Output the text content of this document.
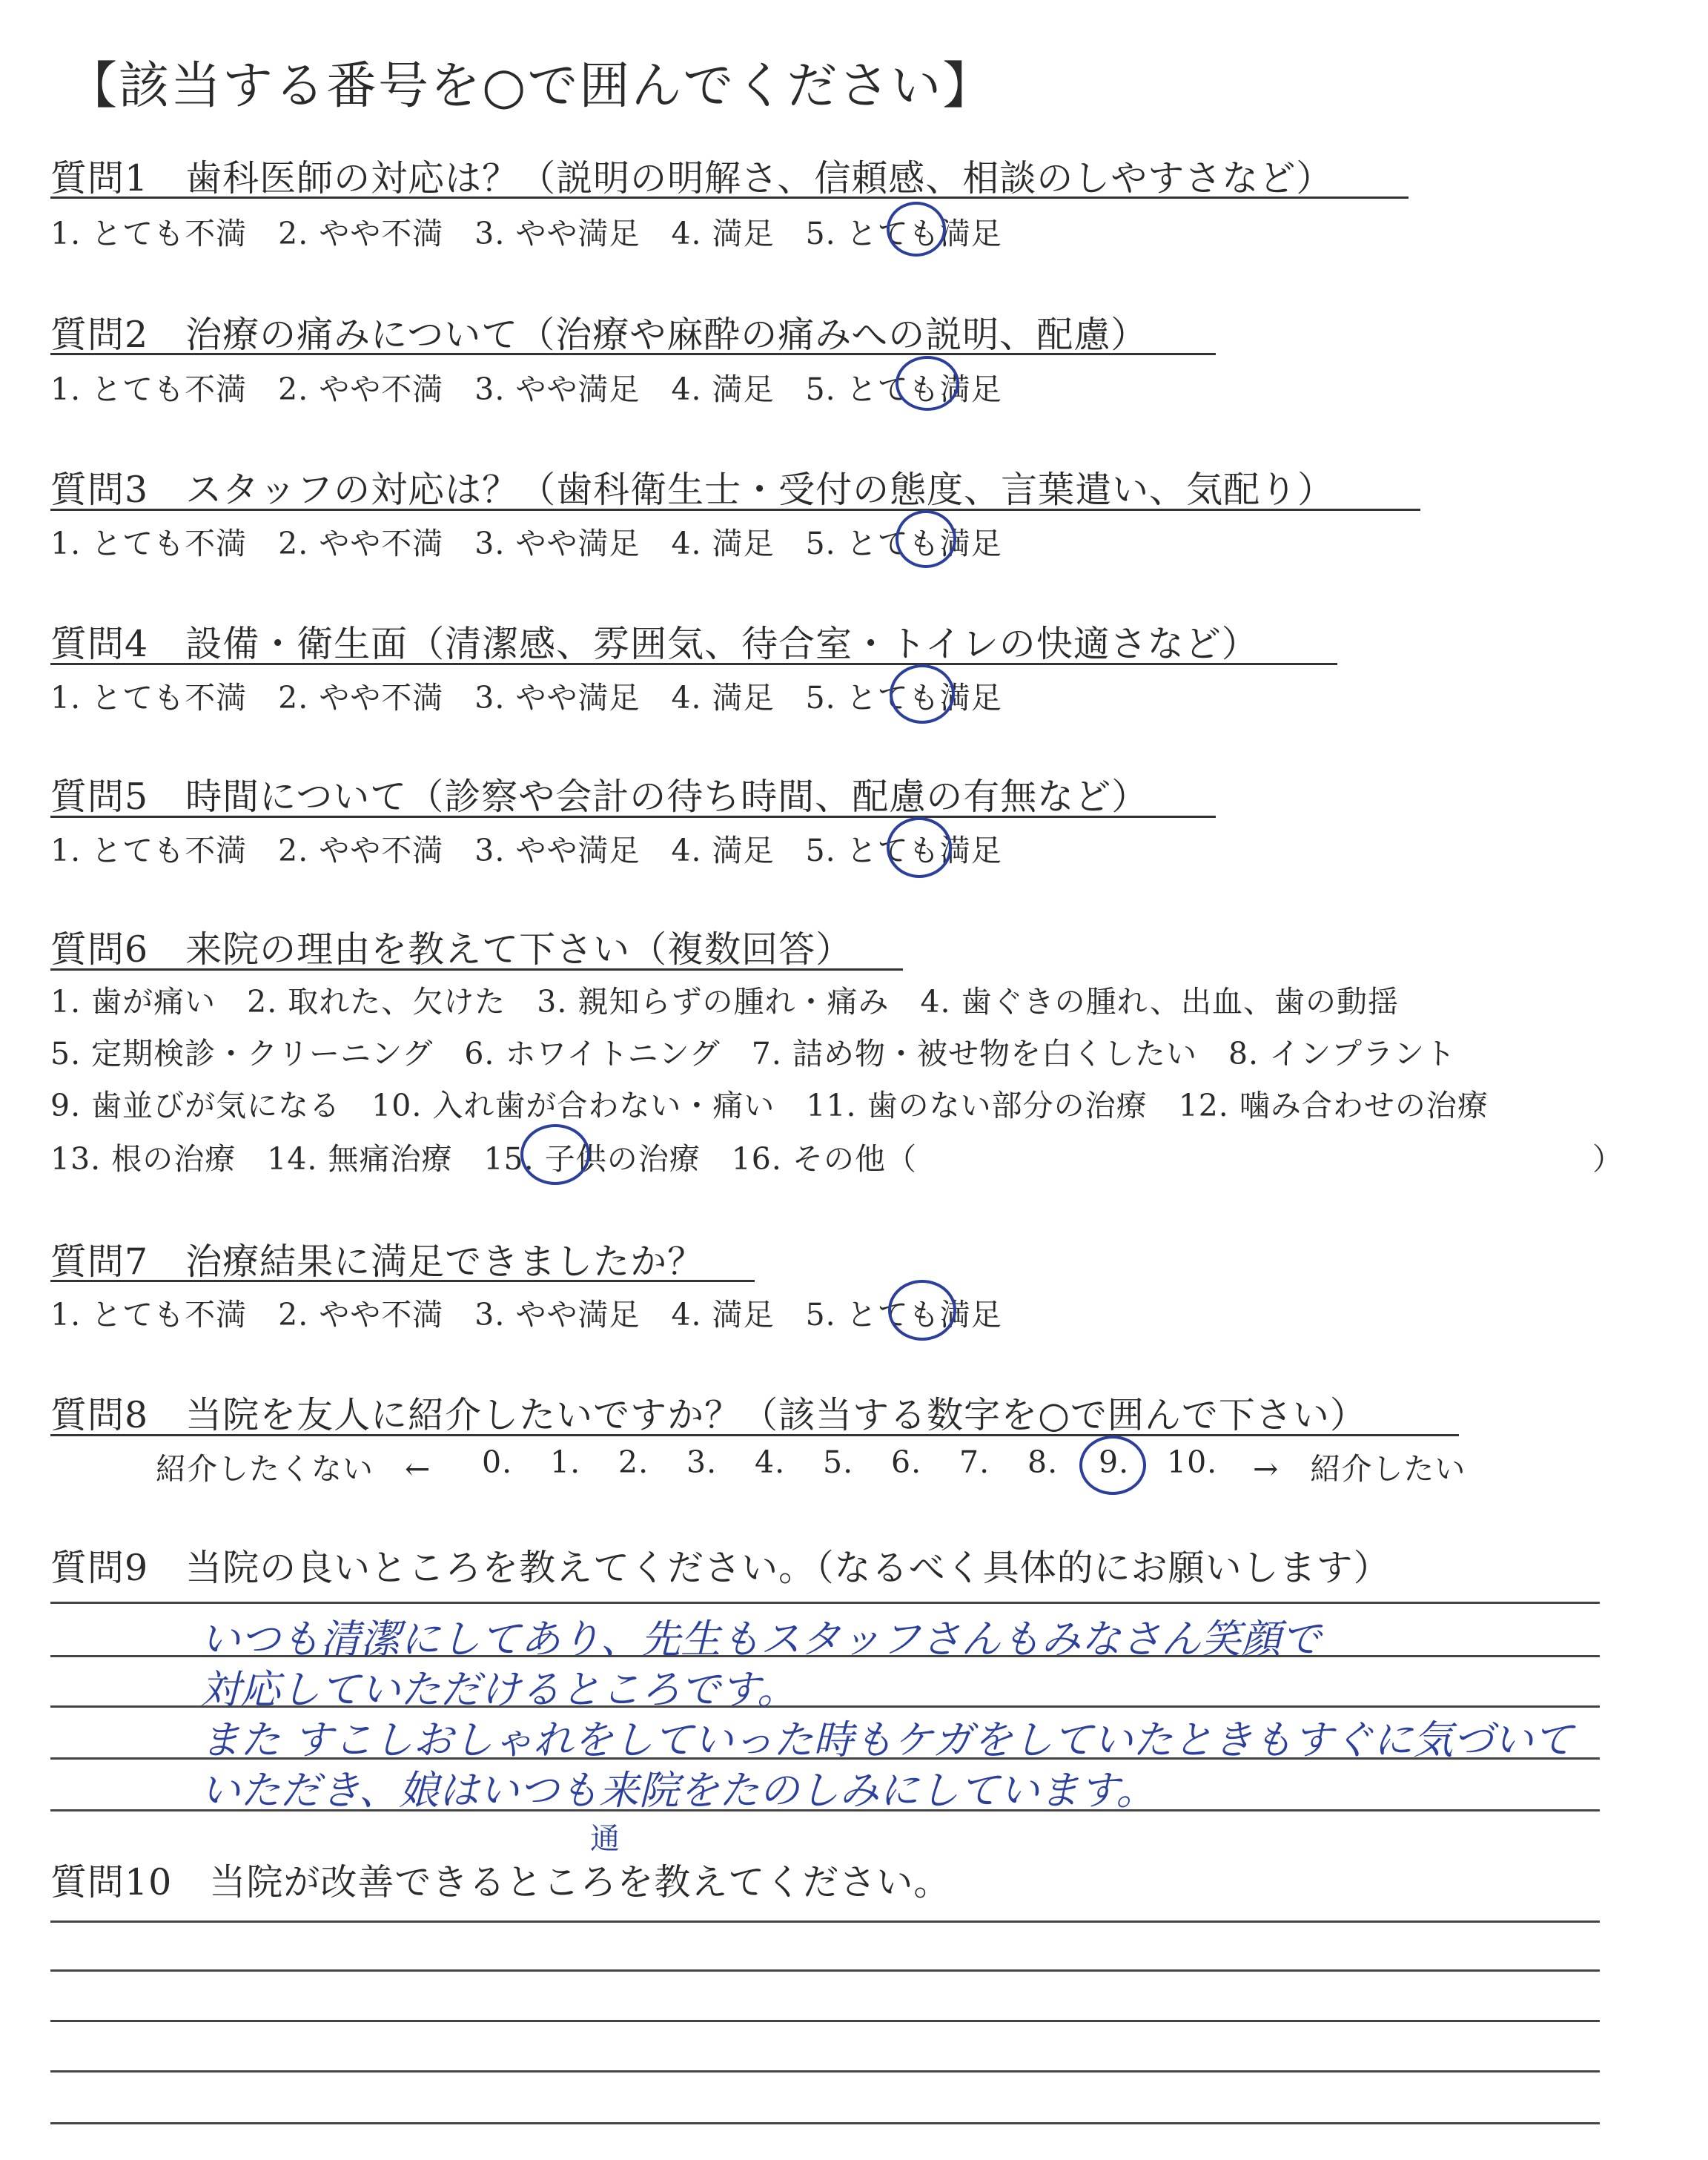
【該当する番号を○で囲んでください】
質問1　歯科医師の対応は？（説明の明解さ、信頼感、相談のしやすさなど）
1. とても不満　2. やや不満　3. やや満足　4. 満足　5. とても満足
質問2　治療の痛みについて（治療や麻酔の痛みへの説明、配慮）
1. とても不満　2. やや不満　3. やや満足　4. 満足　5. とても満足
質問3　スタッフの対応は？（歯科衛生士・受付の態度、言葉遣い、気配り）
1. とても不満　2. やや不満　3. やや満足　4. 満足　5. とても満足
質問4　設備・衛生面（清潔感、雰囲気、待合室・トイレの快適さなど）
1. とても不満　2. やや不満　3. やや満足　4. 満足　5. とても満足
質問5　時間について（診察や会計の待ち時間、配慮の有無など）
1. とても不満　2. やや不満　3. やや満足　4. 満足　5. とても満足
質問6　来院の理由を教えて下さい（複数回答）
1. 歯が痛い　2. 取れた、欠けた　3. 親知らずの腫れ・痛み　4. 歯ぐきの腫れ、出血、歯の動揺
5. 定期検診・クリーニング　6. ホワイトニング　7. 詰め物・被せ物を白くしたい　8. インプラント
9. 歯並びが気になる　10. 入れ歯が合わない・痛い　11. 歯のない部分の治療　12. 噛み合わせの治療
13. 根の治療　14. 無痛治療　15. 子供の治療　16. その他（	）
質問7　治療結果に満足できましたか？
1. とても不満　2. やや不満　3. やや満足　4. 満足　5. とても満足
質問8　当院を友人に紹介したいですか？（該当する数字を○で囲んで下さい）
紹介したくない　← 0. 1. 2. 3. 4. 5. 6. 7. 8. 9. 10. →　紹介したい
質問9　当院の良いところを教えてください。（なるべく具体的にお願いします）
いつも清潔にしてあり、先生もスタッフさんもみなさん笑顔で
対応していただけるところです。
また すこしおしゃれをしていった時もケガをしていたときもすぐに気づいて
いただき、娘はいつも来院をたのしみにしています。
通
質問10　当院が改善できるところを教えてください。
